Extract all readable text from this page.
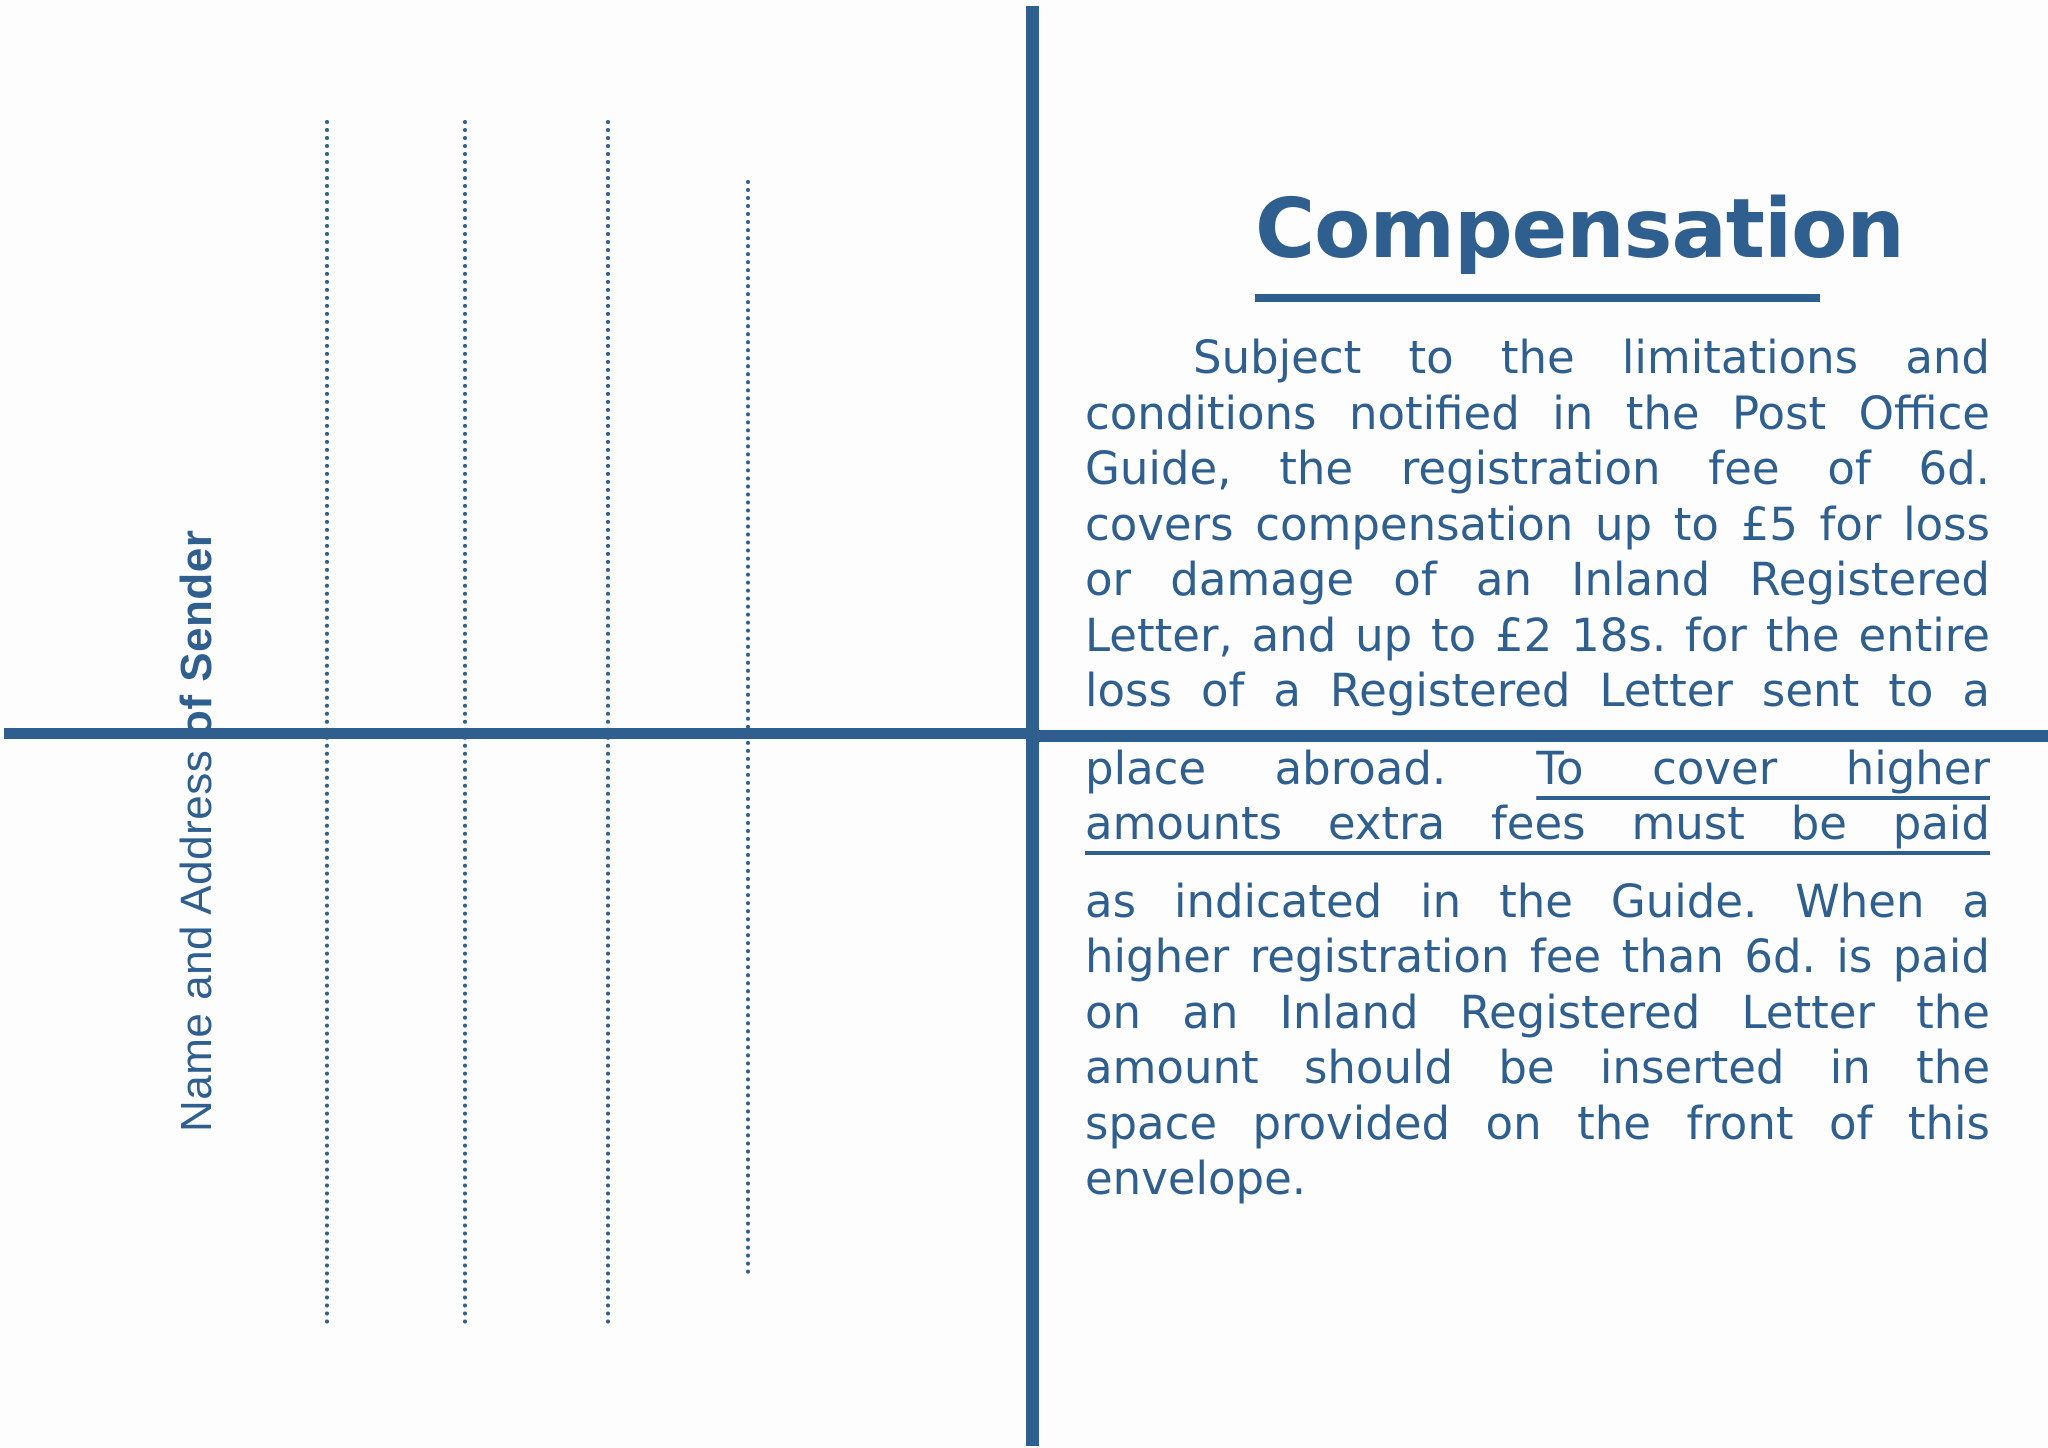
Name and Address of Sender
Compensation
Subject to the limitations and
conditions notified in the Post Office
Guide, the registration fee of 6d.
covers compensation up to £5 for loss
or damage of an Inland Registered
Letter, and up to £2 18s. for the entire
loss of a Registered Letter sent to a
place abroad.   To cover higher
amounts extra fees must be paid
as indicated in the Guide. When a
higher registration fee than 6d. is paid
on an Inland Registered Letter the
amount should be inserted in the
space provided on the front of this
envelope.
